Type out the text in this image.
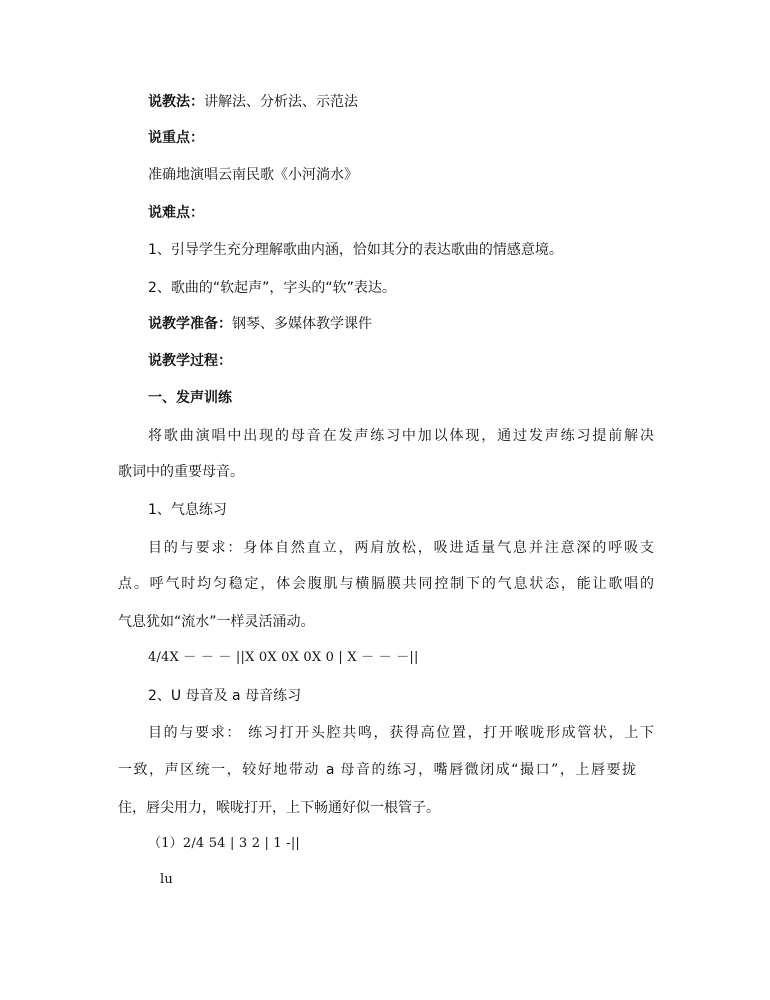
说教法：讲解法、分析法、示范法
说重点：
准确地演唱云南民歌《小河淌水》
说难点：
1、引导学生充分理解歌曲内涵，恰如其分的表达歌曲的情感意境。
2、歌曲的“软起声”，字头的“软”表达。
说教学准备：钢琴、多媒体教学课件
说教学过程：
一、发声训练
将歌曲演唱中出现的母音在发声练习中加以体现，通过发声练习提前解决
歌词中的重要母音。
1、气息练习
目的与要求：身体自然直立，两肩放松，吸进适量气息并注意深的呼吸支
点。呼气时均匀稳定，体会腹肌与横膈膜共同控制下的气息状态，能让歌唱的
气息犹如“流水”一样灵活涌动。
4/4X － － － ||X 0X 0X 0X 0 | X － － －||
2、U 母音及 a 母音练习
目的与要求： 练习打开头腔共鸣，获得高位置，打开喉咙形成管状，上下
一致，声区统一，较好地带动 a 母音的练习，嘴唇微闭成“撮口”，上唇要拢
住，唇尖用力，喉咙打开，上下畅通好似一根管子。
（1）2/4 54 | 3 2 | 1 -||
lu
